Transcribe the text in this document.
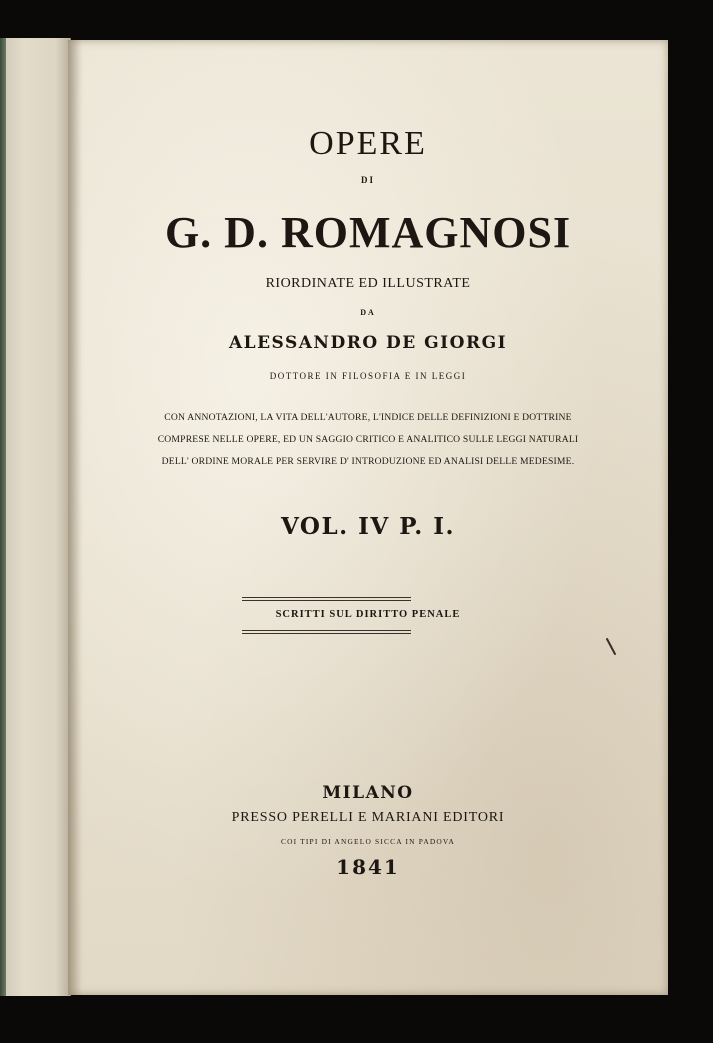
OPERE
DI
G. D. ROMAGNOSI
RIORDINATE ED ILLUSTRATE
DA
ALESSANDRO DE GIORGI
DOTTORE IN FILOSOFIA E IN LEGGI
CON ANNOTAZIONI, LA VITA DELL'AUTORE, L'INDICE DELLE DEFINIZIONI E DOTTRINE
COMPRESE NELLE OPERE, ED UN SAGGIO CRITICO E ANALITICO SULLE LEGGI NATURALI
DELL' ORDINE MORALE PER SERVIRE D' INTRODUZIONE ED ANALISI DELLE MEDESIME.
VOL. IV P. I.
SCRITTI SUL DIRITTO PENALE
MILANO
PRESSO PERELLI E MARIANI EDITORI
COI TIPI DI ANGELO SICCA IN PADOVA
1841
